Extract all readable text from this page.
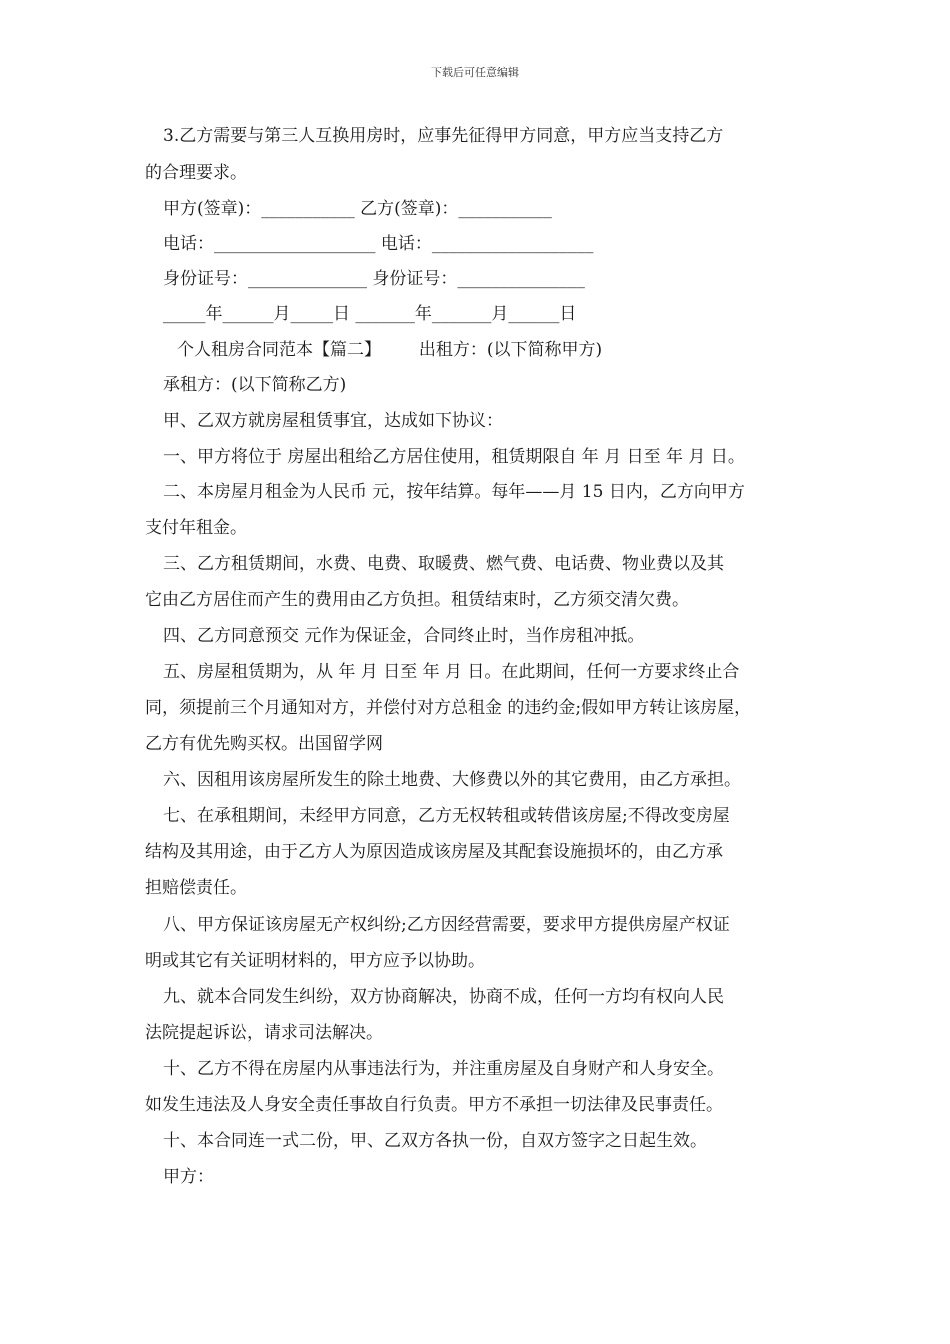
下载后可任意编辑
3.乙方需要与第三人互换用房时，应事先征得甲方同意，甲方应当支持乙方
的合理要求。
甲方(签章)：___________ 乙方(签章)：___________
电话：___________________ 电话：___________________
身份证号：______________ 身份证号：_______________
_____年______月_____日 _______年_______月______日
个人租房合同范本【篇二】       出租方：(以下简称甲方)
承租方：(以下简称乙方)
甲、乙双方就房屋租赁事宜，达成如下协议：
一、甲方将位于 房屋出租给乙方居住使用，租赁期限自 年 月 日至 年 月 日。
二、本房屋月租金为人民币 元，按年结算。每年——月 15 日内，乙方向甲方
支付年租金。
三、乙方租赁期间，水费、电费、取暖费、燃气费、电话费、物业费以及其
它由乙方居住而产生的费用由乙方负担。租赁结束时，乙方须交清欠费。
四、乙方同意预交 元作为保证金，合同终止时，当作房租冲抵。
五、房屋租赁期为，从 年 月 日至 年 月 日。在此期间，任何一方要求终止合
同，须提前三个月通知对方，并偿付对方总租金 的违约金;假如甲方转让该房屋，
乙方有优先购买权。出国留学网
六、因租用该房屋所发生的除土地费、大修费以外的其它费用，由乙方承担。
七、在承租期间，未经甲方同意，乙方无权转租或转借该房屋;不得改变房屋
结构及其用途，由于乙方人为原因造成该房屋及其配套设施损坏的，由乙方承
担赔偿责任。
八、甲方保证该房屋无产权纠纷;乙方因经营需要，要求甲方提供房屋产权证
明或其它有关证明材料的，甲方应予以协助。
九、就本合同发生纠纷，双方协商解决，协商不成，任何一方均有权向人民
法院提起诉讼，请求司法解决。
十、乙方不得在房屋内从事违法行为，并注重房屋及自身财产和人身安全。
如发生违法及人身安全责任事故自行负责。甲方不承担一切法律及民事责任。
十、本合同连一式二份，甲、乙双方各执一份，自双方签字之日起生效。
甲方：
